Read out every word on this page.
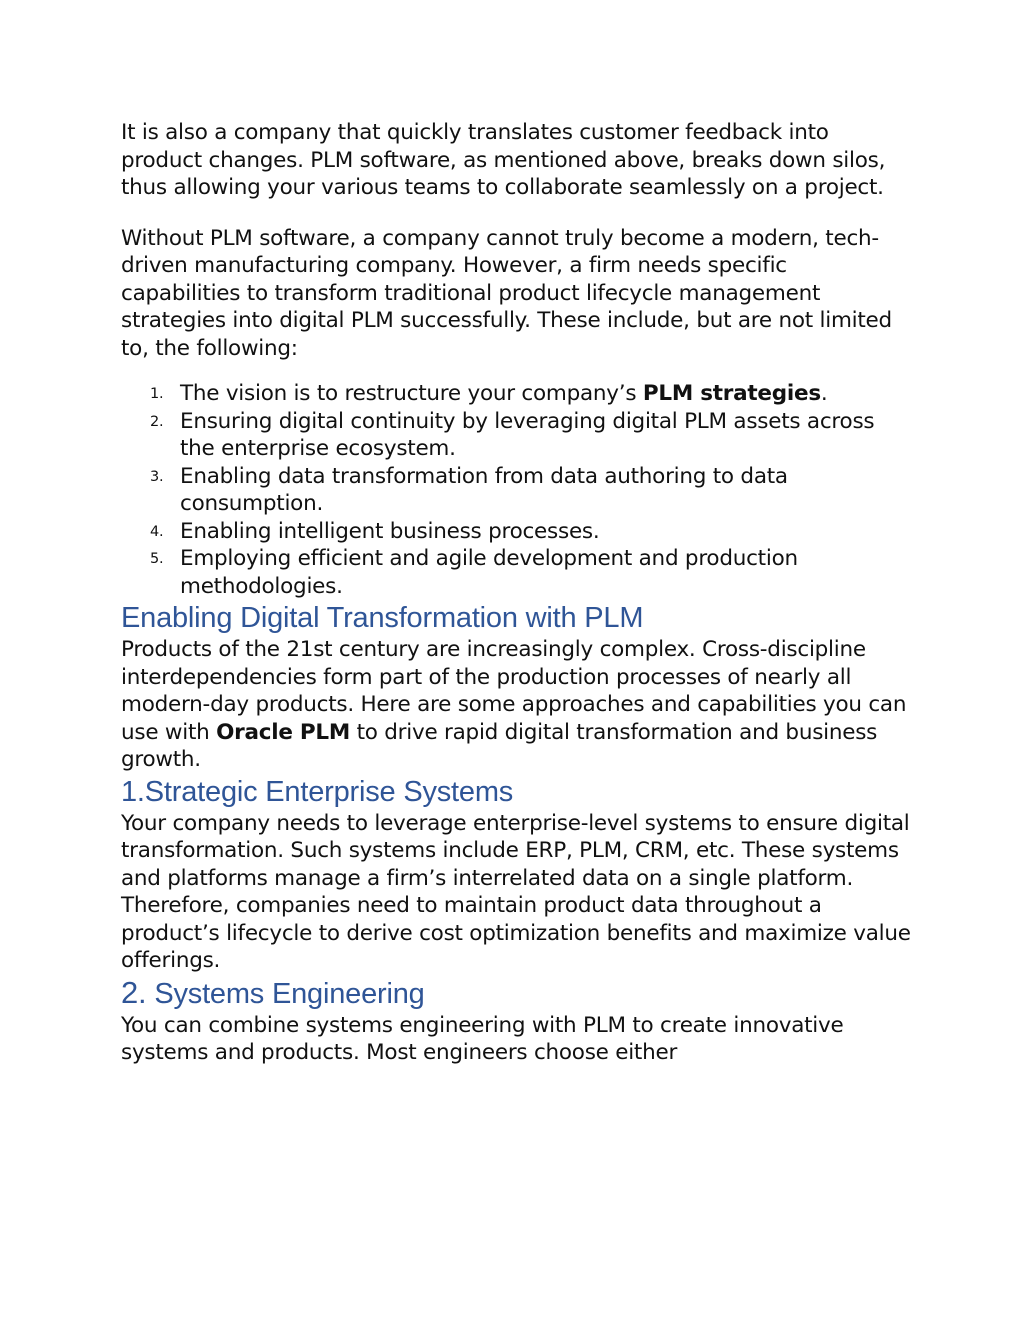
It is also a company that quickly translates customer feedback into product changes. PLM software, as mentioned above, breaks down silos, thus allowing your various teams to collaborate seamlessly on a project.

Without PLM software, a company cannot truly become a modern, tech-driven manufacturing company. However, a firm needs specific capabilities to transform traditional product lifecycle management strategies into digital PLM successfully. These include, but are not limited to, the following:

1. The vision is to restructure your company’s PLM strategies.
2. Ensuring digital continuity by leveraging digital PLM assets across the enterprise ecosystem.
3. Enabling data transformation from data authoring to data consumption.
4. Enabling intelligent business processes.
5. Employing efficient and agile development and production methodologies.
Enabling Digital Transformation with PLM

Products of the 21st century are increasingly complex. Cross-discipline interdependencies form part of the production processes of nearly all modern-day products. Here are some approaches and capabilities you can use with Oracle PLM to drive rapid digital transformation and business growth.

1.Strategic Enterprise Systems

Your company needs to leverage enterprise-level systems to ensure digital transformation. Such systems include ERP, PLM, CRM, etc. These systems and platforms manage a firm’s interrelated data on a single platform. Therefore, companies need to maintain product data throughout a product’s lifecycle to derive cost optimization benefits and maximize value offerings.

2. Systems Engineering

You can combine systems engineering with PLM to create innovative systems and products. Most engineers choose either
